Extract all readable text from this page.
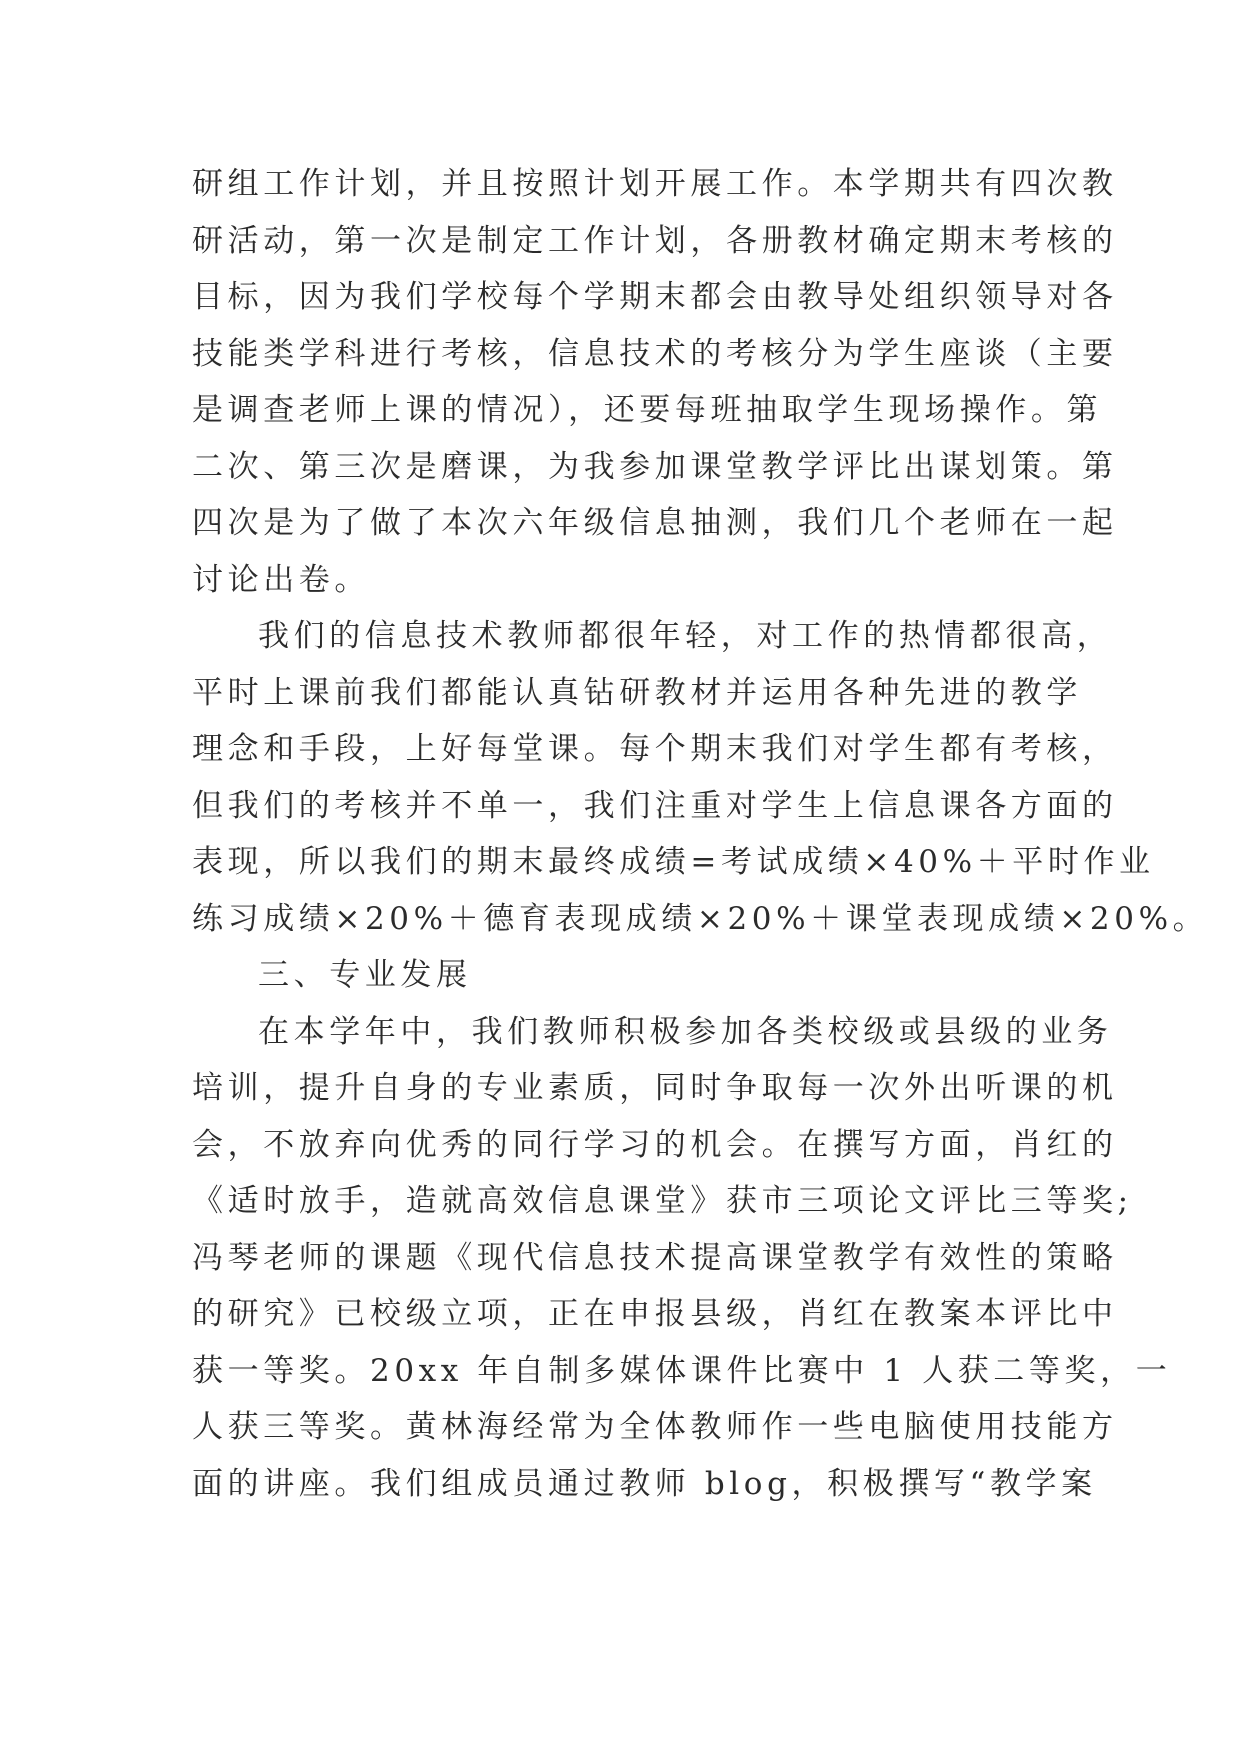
研组工作计划，并且按照计划开展工作。本学期共有四次教
研活动，第一次是制定工作计划，各册教材确定期末考核的
目标，因为我们学校每个学期末都会由教导处组织领导对各
技能类学科进行考核，信息技术的考核分为学生座谈（主要
是调查老师上课的情况），还要每班抽取学生现场操作。第
二次、第三次是磨课，为我参加课堂教学评比出谋划策。第
四次是为了做了本次六年级信息抽测，我们几个老师在一起
讨论出卷。
我们的信息技术教师都很年轻，对工作的热情都很高，
平时上课前我们都能认真钻研教材并运用各种先进的教学
理念和手段，上好每堂课。每个期末我们对学生都有考核，
但我们的考核并不单一，我们注重对学生上信息课各方面的
表现，所以我们的期末最终成绩=考试成绩×40%＋平时作业
练习成绩×20%＋德育表现成绩×20%＋课堂表现成绩×20%。
三、专业发展
在本学年中，我们教师积极参加各类校级或县级的业务
培训，提升自身的专业素质，同时争取每一次外出听课的机
会，不放弃向优秀的同行学习的机会。在撰写方面，肖红的
《适时放手，造就高效信息课堂》获市三项论文评比三等奖;
冯琴老师的课题《现代信息技术提高课堂教学有效性的策略
的研究》已校级立项，正在申报县级，肖红在教案本评比中
获一等奖。20xx 年自制多媒体课件比赛中 1 人获二等奖，一
人获三等奖。黄林海经常为全体教师作一些电脑使用技能方
面的讲座。我们组成员通过教师 blog，积极撰写“教学案
